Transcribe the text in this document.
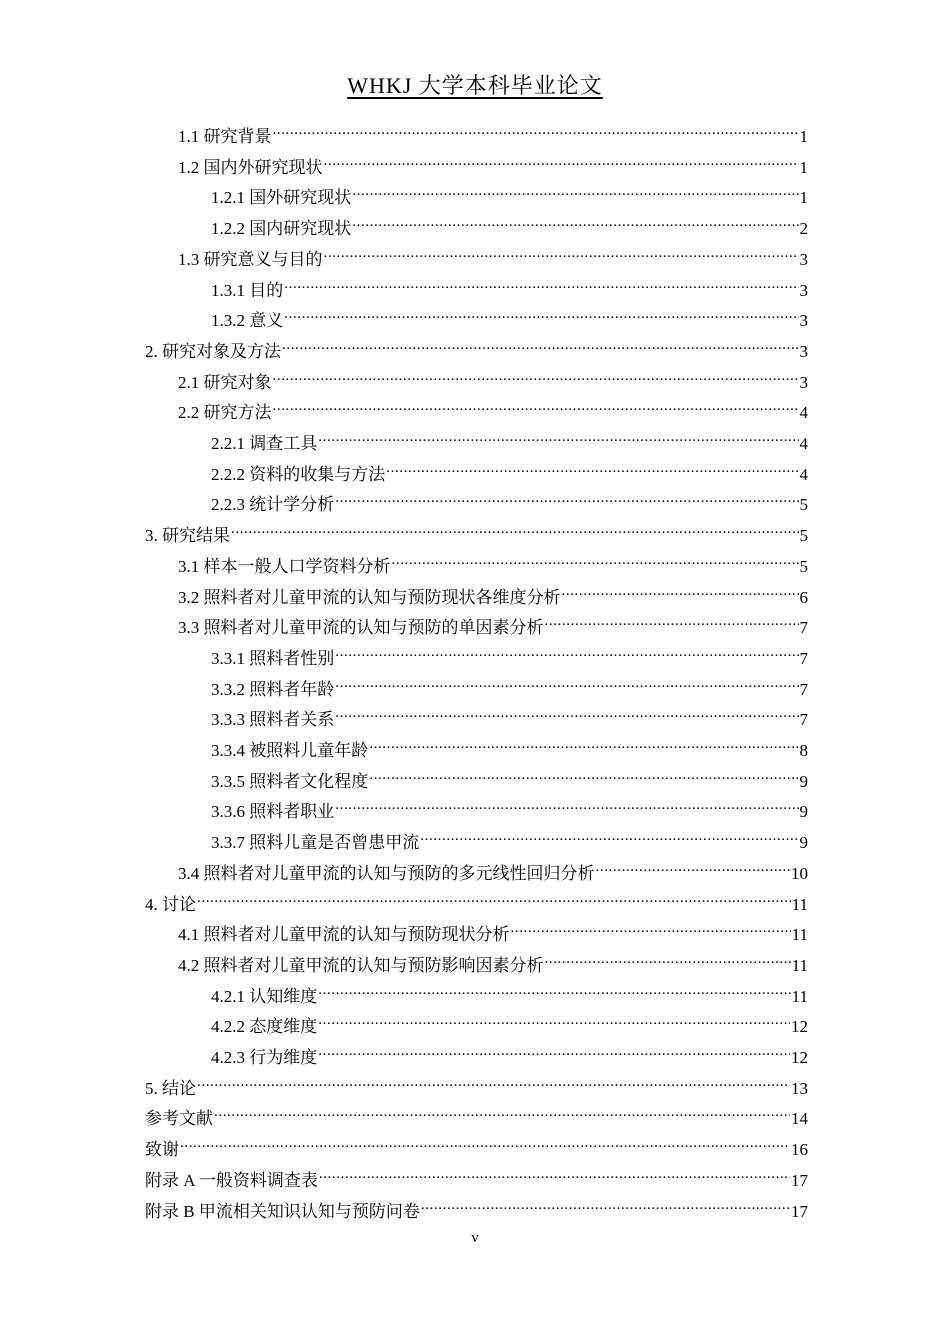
WHKJ 大学本科毕业论文
1.1 研究背景 .....	1
1.2 国内外研究现状 .....	1
1.2.1 国外研究现状 .....	1
1.2.2 国内研究现状 .....	2
1.3 研究意义与目的 .....	3
1.3.1 目的 .....	3
1.3.2 意义 .....	3
2. 研究对象及方法 .....	3
2.1 研究对象 .....	3
2.2 研究方法 .....	4
2.2.1 调查工具 .....	4
2.2.2 资料的收集与方法 .....	4
2.2.3 统计学分析 .....	5
3. 研究结果 .....	5
3.1 样本一般人口学资料分析 .....	5
3.2 照料者对儿童甲流的认知与预防现状各维度分析 .....	6
3.3 照料者对儿童甲流的认知与预防的单因素分析 .....	7
3.3.1 照料者性别 .....	7
3.3.2 照料者年龄 .....	7
3.3.3 照料者关系 .....	7
3.3.4 被照料儿童年龄 .....	8
3.3.5 照料者文化程度 .....	9
3.3.6 照料者职业 .....	9
3.3.7 照料儿童是否曾患甲流 .....	9
3.4 照料者对儿童甲流的认知与预防的多元线性回归分析 .....	10
4. 讨论 .....	11
4.1 照料者对儿童甲流的认知与预防现状分析 .....	11
4.2 照料者对儿童甲流的认知与预防影响因素分析 .....	11
4.2.1 认知维度 .....	11
4.2.2 态度维度 .....	12
4.2.3 行为维度 .....	12
5. 结论 .....	13
参考文献 .....	14
致谢 .....	16
附录 A 一般资料调查表 .....	17
附录 B 甲流相关知识认知与预防问卷 .....	17
v
